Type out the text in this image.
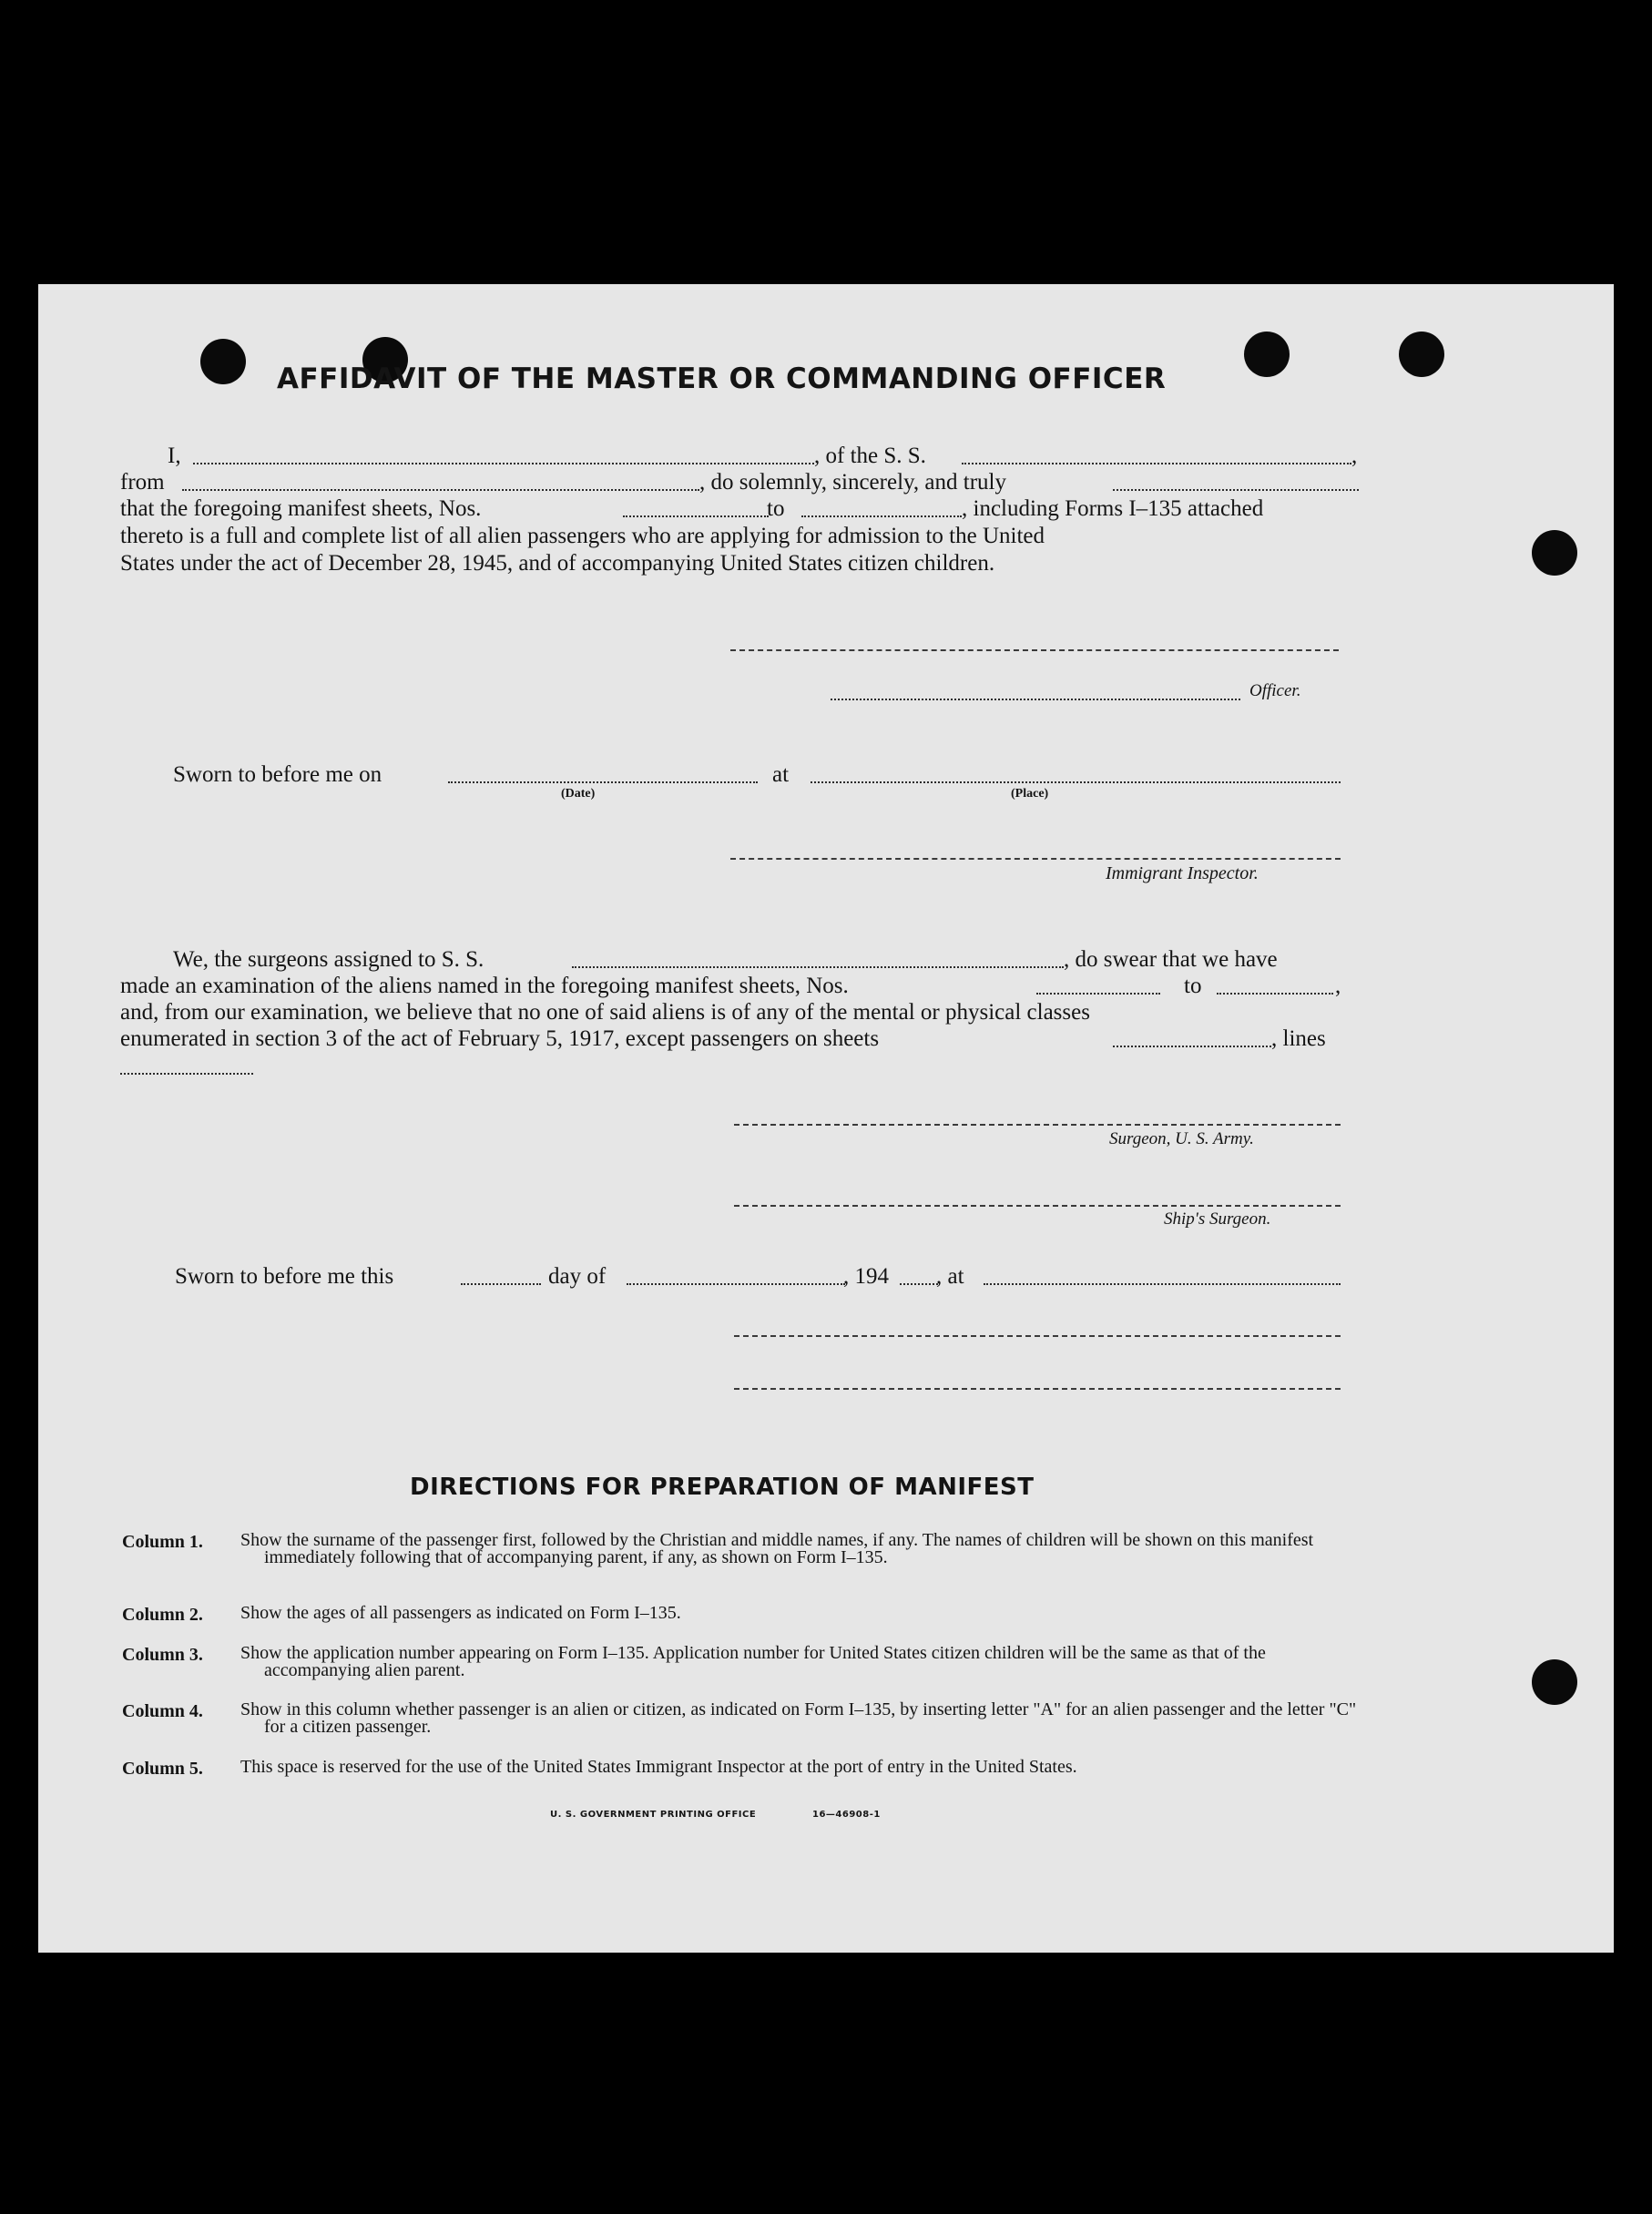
AFFIDAVIT OF THE MASTER OR COMMANDING OFFICER
I,	, of the S. S.	,
from	, do solemnly, sincerely, and truly
that the foregoing manifest sheets, Nos.	to	, including Forms I–135 attached
thereto is a full and complete list of all alien passengers who are applying for admission to the United
States under the act of December 28, 1945, and of accompanying United States citizen children.
Officer.
Sworn to before me on
(Date)
at
(Place)
Immigrant Inspector.
We, the surgeons assigned to S. S.	, do swear that we have
made an examination of the aliens named in the foregoing manifest sheets, Nos.	to	,
and, from our examination, we believe that no one of said aliens is of any of the mental or physical classes
enumerated in section 3 of the act of February 5, 1917, except passengers on sheets	, lines
Surgeon, U. S. Army.
Ship's Surgeon.
Sworn to before me this	day of	, 194 , at
DIRECTIONS FOR PREPARATION OF MANIFEST
Column 1. Show the surname of the passenger first, followed by the Christian and middle names, if any. The names of children will be shown on this manifest immediately following that of accompanying parent, if any, as shown on Form I–135.
Column 2. Show the ages of all passengers as indicated on Form I–135.
Column 3. Show the application number appearing on Form I–135. Application number for United States citizen children will be the same as that of the accompanying alien parent.
Column 4. Show in this column whether passenger is an alien or citizen, as indicated on Form I–135, by inserting letter "A" for an alien passenger and the letter "C" for a citizen passenger.
Column 5. This space is reserved for the use of the United States Immigrant Inspector at the port of entry in the United States.
U. S. GOVERNMENT PRINTING OFFICE	16—46908-1
